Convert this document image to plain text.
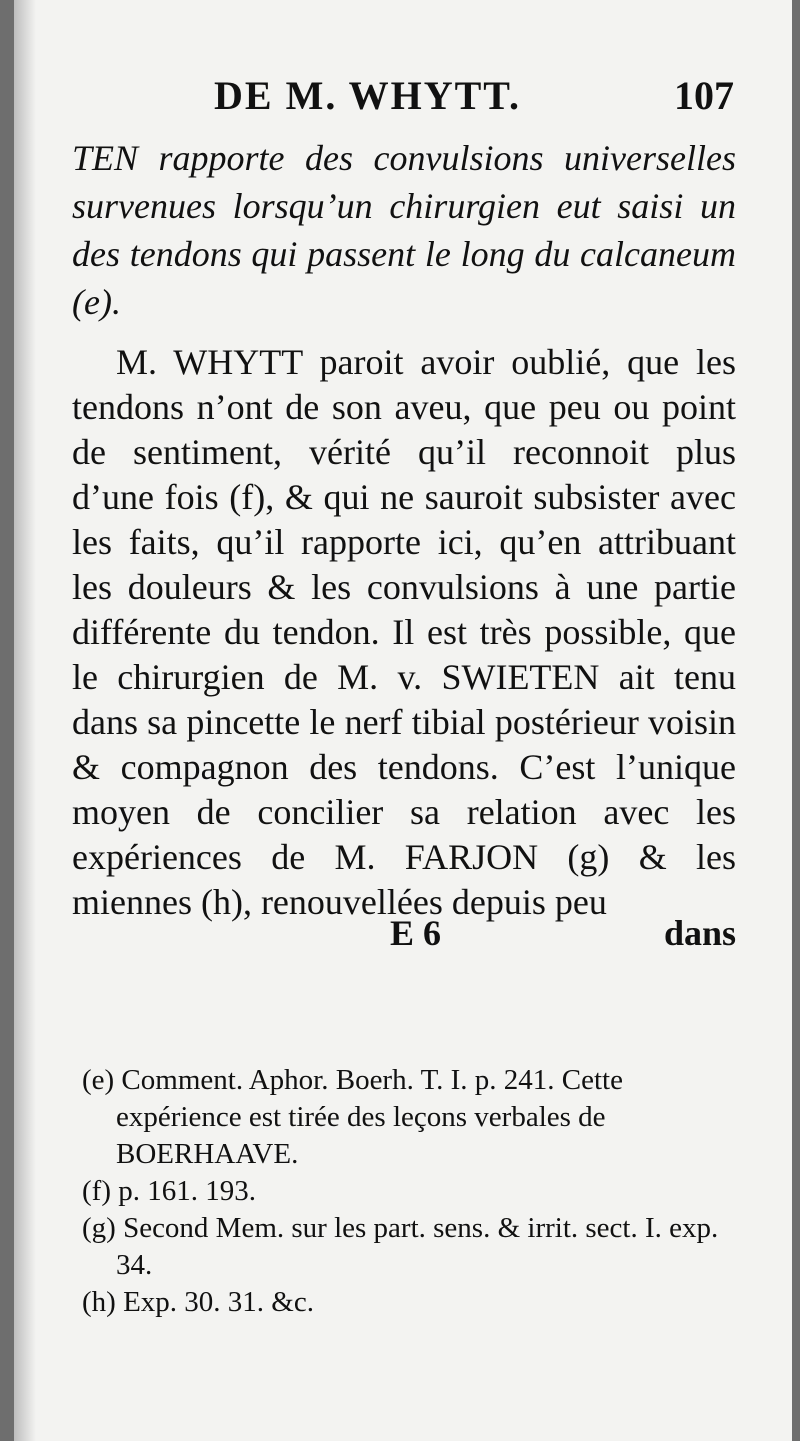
DE M. WHYTT.	107

TEN rapporte des convulsions universelles survenues lorsqu’un chirurgien eut saisi un des tendons qui passent le long du calcaneum (e).

M. WHYTT paroit avoir oublié, que les tendons n’ont de son aveu, que peu ou point de sentiment, vérité qu’il reconnoit plus d’une fois (f), & qui ne sauroit subsister avec les faits, qu’il rapporte ici, qu’en attribuant les douleurs & les convulsions à une partie différente du tendon. Il est très possible, que le chirurgien de M. v. SWIETEN ait tenu dans sa pincette le nerf tibial postérieur voisin & compagnon des tendons. C’est l’unique moyen de concilier sa relation avec les expériences de M. FARJON (g) & les miennes (h), renouvellées depuis peu

E 6	dans

(e) Comment. Aphor. Boerh. T. I. p. 241. Cette expérience est tirée des leçons verbales de BOERHAAVE.

(f) p. 161. 193.

(g) Second Mem. sur les part. sens. & irrit. sect. I. exp. 34.

(h) Exp. 30. 31. &c.
